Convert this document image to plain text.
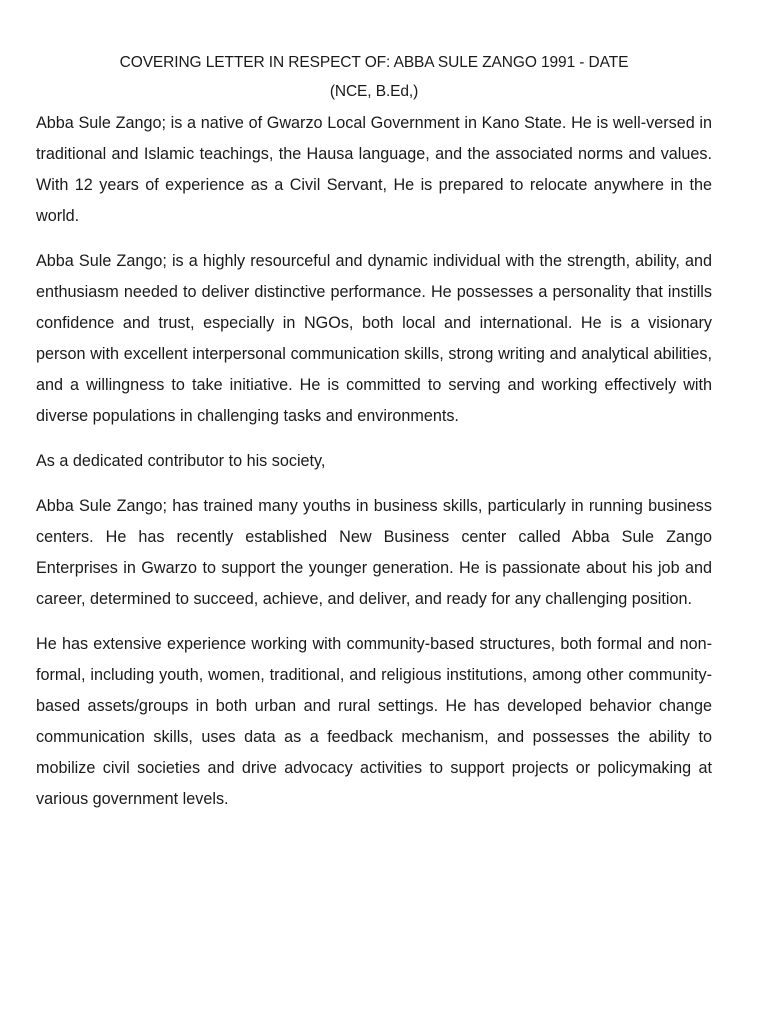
COVERING LETTER IN RESPECT OF: ABBA SULE ZANGO 1991 - DATE

(NCE, B.Ed,)

Abba Sule Zango; is a native of Gwarzo Local Government in Kano State. He is well-versed in traditional and Islamic teachings, the Hausa language, and the associated norms and values. With 12 years of experience as a Civil Servant, He is prepared to relocate anywhere in the world.

Abba Sule Zango; is a highly resourceful and dynamic individual with the strength, ability, and enthusiasm needed to deliver distinctive performance. He possesses a personality that instills confidence and trust, especially in NGOs, both local and international. He is a visionary person with excellent interpersonal communication skills, strong writing and analytical abilities, and a willingness to take initiative. He is committed to serving and working effectively with diverse populations in challenging tasks and environments.

As a dedicated contributor to his society,

Abba Sule Zango; has trained many youths in business skills, particularly in running business centers. He has recently established New Business center called Abba Sule Zango Enterprises in Gwarzo to support the younger generation. He is passionate about his job and career, determined to succeed, achieve, and deliver, and ready for any challenging position.

He has extensive experience working with community-based structures, both formal and non-formal, including youth, women, traditional, and religious institutions, among other community-based assets/groups in both urban and rural settings. He has developed behavior change communication skills, uses data as a feedback mechanism, and possesses the ability to mobilize civil societies and drive advocacy activities to support projects or policymaking at various government levels.
